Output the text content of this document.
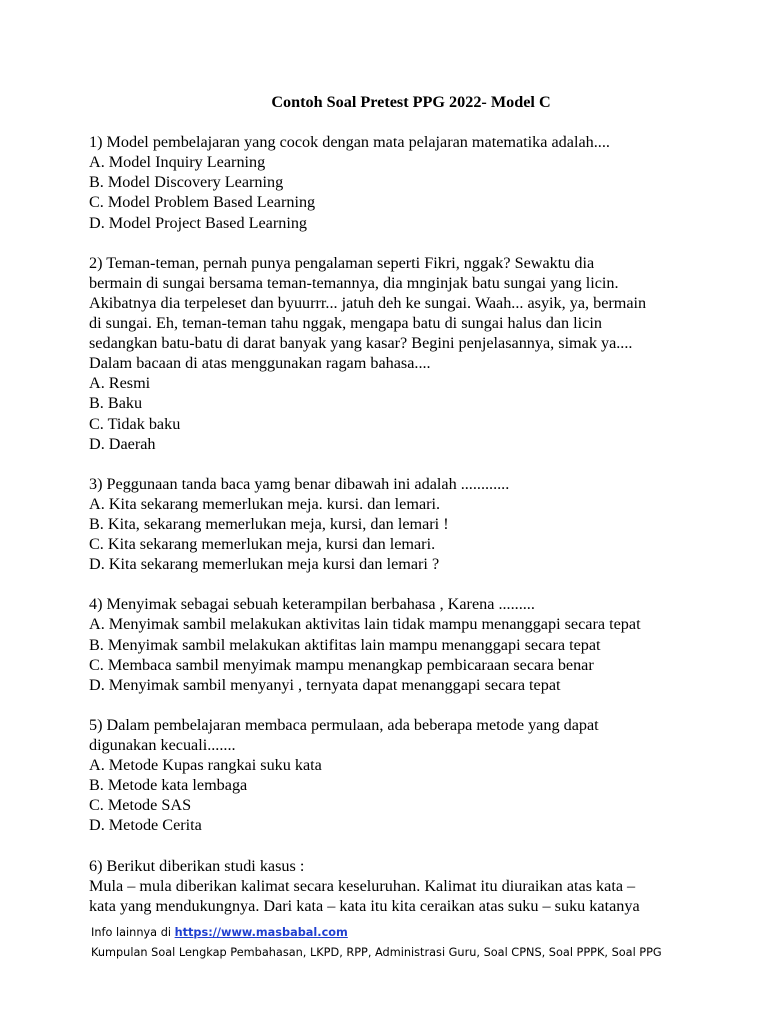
Contoh Soal Pretest PPG 2022- Model C

1) Model pembelajaran yang cocok dengan mata pelajaran matematika adalah....

A. Model Inquiry Learning

B. Model Discovery Learning

C. Model Problem Based Learning

D. Model Project Based Learning

2) Teman-teman, pernah punya pengalaman seperti Fikri, nggak? Sewaktu dia

bermain di sungai bersama teman-temannya, dia mnginjak batu sungai yang licin.

Akibatnya dia terpeleset dan byuurrr... jatuh deh ke sungai. Waah... asyik, ya, bermain

di sungai. Eh, teman-teman tahu nggak, mengapa batu di sungai halus dan licin

sedangkan batu-batu di darat banyak yang kasar? Begini penjelasannya, simak ya....

Dalam bacaan di atas menggunakan ragam bahasa....

A. Resmi

B. Baku

C. Tidak baku

D. Daerah

3) Peggunaan tanda baca yamg benar dibawah ini adalah ............

A. Kita sekarang memerlukan meja. kursi. dan lemari.

B. Kita, sekarang memerlukan meja, kursi, dan lemari !

C. Kita sekarang memerlukan meja, kursi dan lemari.

D. Kita sekarang memerlukan meja kursi dan lemari ?

4) Menyimak sebagai sebuah keterampilan berbahasa , Karena .........

A. Menyimak sambil melakukan aktivitas lain tidak mampu menanggapi secara tepat

B. Menyimak sambil melakukan aktifitas lain mampu menanggapi secara tepat

C. Membaca sambil menyimak mampu menangkap pembicaraan secara benar

D. Menyimak sambil menyanyi , ternyata dapat menanggapi secara tepat

5) Dalam pembelajaran membaca permulaan, ada beberapa metode yang dapat

digunakan kecuali.......

A. Metode Kupas rangkai suku kata

B. Metode kata lembaga

C. Metode SAS

D. Metode Cerita

6) Berikut diberikan studi kasus :

Mula – mula diberikan kalimat secara keseluruhan. Kalimat itu diuraikan atas kata –

kata yang mendukungnya. Dari kata – kata itu kita ceraikan atas suku – suku katanya

Info lainnya di https://www.masbabal.com

Kumpulan Soal Lengkap Pembahasan, LKPD, RPP, Administrasi Guru, Soal CPNS, Soal PPPK, Soal PPG
